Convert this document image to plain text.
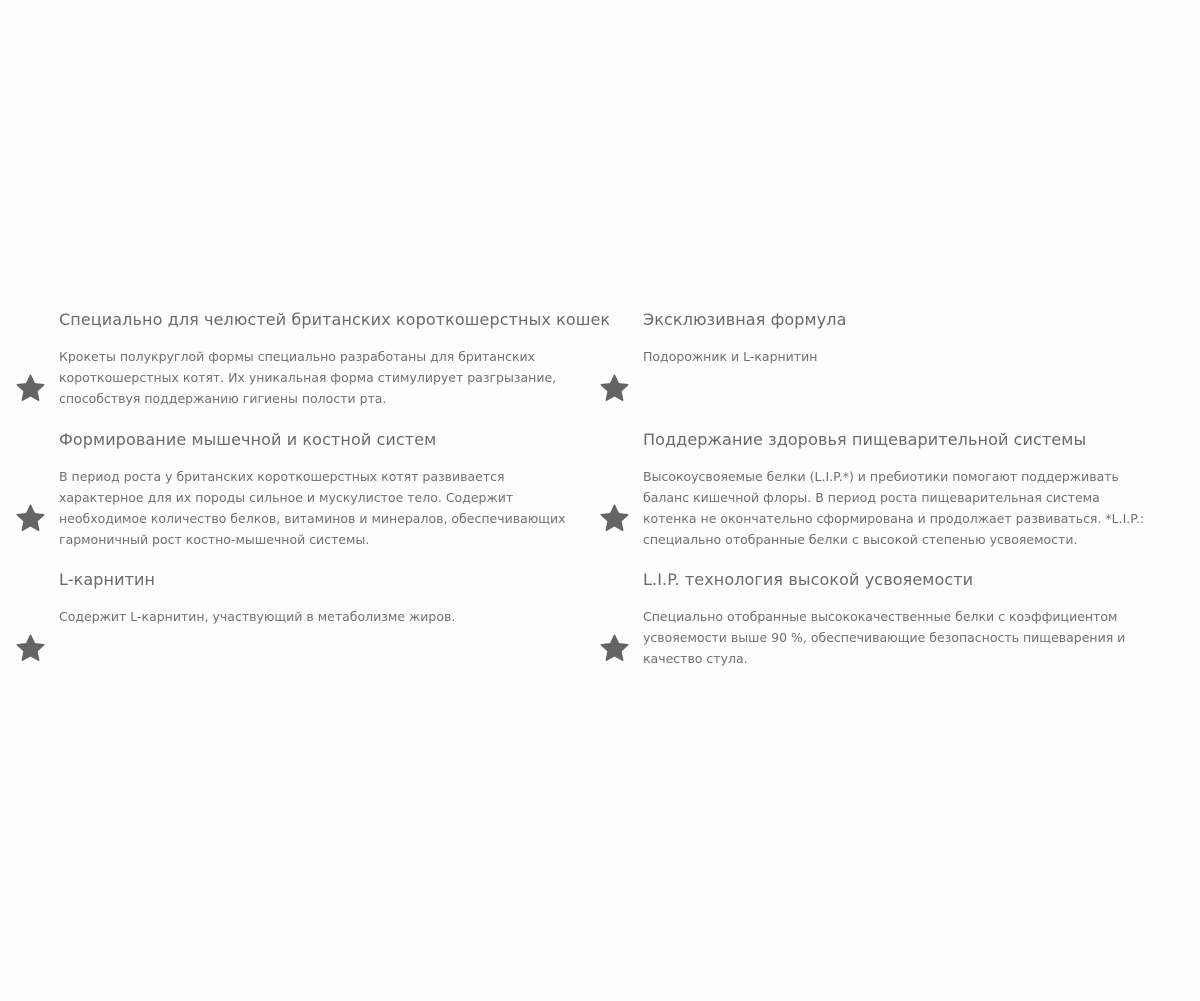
Специально для челюстей британских короткошерстных кошек

Крокеты полукруглой формы специально разработаны для британских короткошерстных котят. Их уникальная форма стимулирует разгрызание, способствуя поддержанию гигиены полости рта.

Эксклюзивная формула

Подорожник и L-карнитин

Формирование мышечной и костной систем

В период роста у британских короткошерстных котят развивается характерное для их породы сильное и мускулистое тело. Содержит необходимое количество белков, витаминов и минералов, обеспечивающих гармоничный рост костно-мышечной системы.

Поддержание здоровья пищеварительной системы

Высокоусвояемые белки (L.I.P.*) и пребиотики помогают поддерживать баланс кишечной флоры. В период роста пищеварительная система котенка не окончательно сформирована и продолжает развиваться. *L.I.P.: специально отобранные белки с высокой степенью усвояемости.

L-карнитин

Содержит L-карнитин, участвующий в метаболизме жиров.

L.I.P. технология высокой усвояемости

Специально отобранные высококачественные белки с коэффициентом усвояемости выше 90 %, обеспечивающие безопасность пищеварения и качество стула.
